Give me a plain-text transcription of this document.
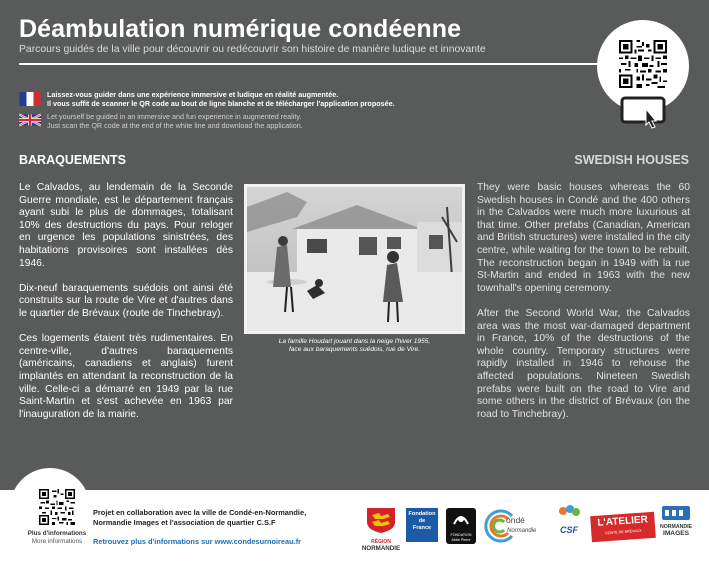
Déambulation numérique condéenne
Parcours guidés de la ville pour découvrir ou redécouvrir son histoire de manière ludique et innovante
Laissez-vous guider dans une expérience immersive et ludique en réalité augmentée.
Il vous suffit de scanner le QR code au bout de ligne blanche et de télécharger l'application proposée.
Let yourself be guided in an immersive and fun experience in augmented reality.
Just scan the QR code at the end of the white line and download the application.
BARAQUEMENTS	SWEDISH HOUSES

Le Calvados, au lendemain de la Seconde Guerre mondiale, est le département français ayant subi le plus de dommages, totalisant 10% des destructions du pays. Pour reloger en urgence les populations sinistrées, des habitations provisoires sont installées dès 1946.

Dix-neuf baraquements suédois ont ainsi été construits sur la route de Vire et d'autres dans le quartier de Brévaux (route de Tinchebray).

Ces logements étaient très rudimentaires. En centre-ville, d'autres baraquements (américains, canadiens et anglais) furent implantés en attendant la reconstruction de la ville. Celle-ci a démarré en 1949 par la rue Saint-Martin et s'est achevée en 1963 par l'inauguration de la mairie.

La famille Houdart jouant dans la neige l'hiver 1955,
face aux baraquements suédois, rue de Vire.

They were basic houses whereas the 60 Swedish houses in Condé and the 400 others in the Calvados were much more luxurious at that time. Other prefabs (Canadian, American and British structures) were installed in the city centre, while waiting for the town to be rebuilt. The reconstruction began in 1949 with la rue St-Martin and ended in 1963 with the new townhall's opening ceremony.

After the Second World War, the Calvados area was the most war-damaged department in France, 10% of the destructions of the whole country. Temporary structures were rapidly installed in 1946 to rehouse the affected populations. Nineteen Swedish prefabs were built on the road to Vire and some others in the district of Brévaux (on the road to Tinchebray).

Plus d'informations
More informations
Projet en collaboration avec la ville de Condé-en-Normandie,
Normandie Images et l'association de quartier C.S.F
Retrouvez plus d'informations sur www.condesurnoireau.fr	RÉGION
NORMANDIE
Fondation
de
France
FONDATION
Abbé Pierre
ondé
Normandie	CSF
L'ATELIER
CONTE DE BRÉVAUX
NORMANDIE
IMAGES
